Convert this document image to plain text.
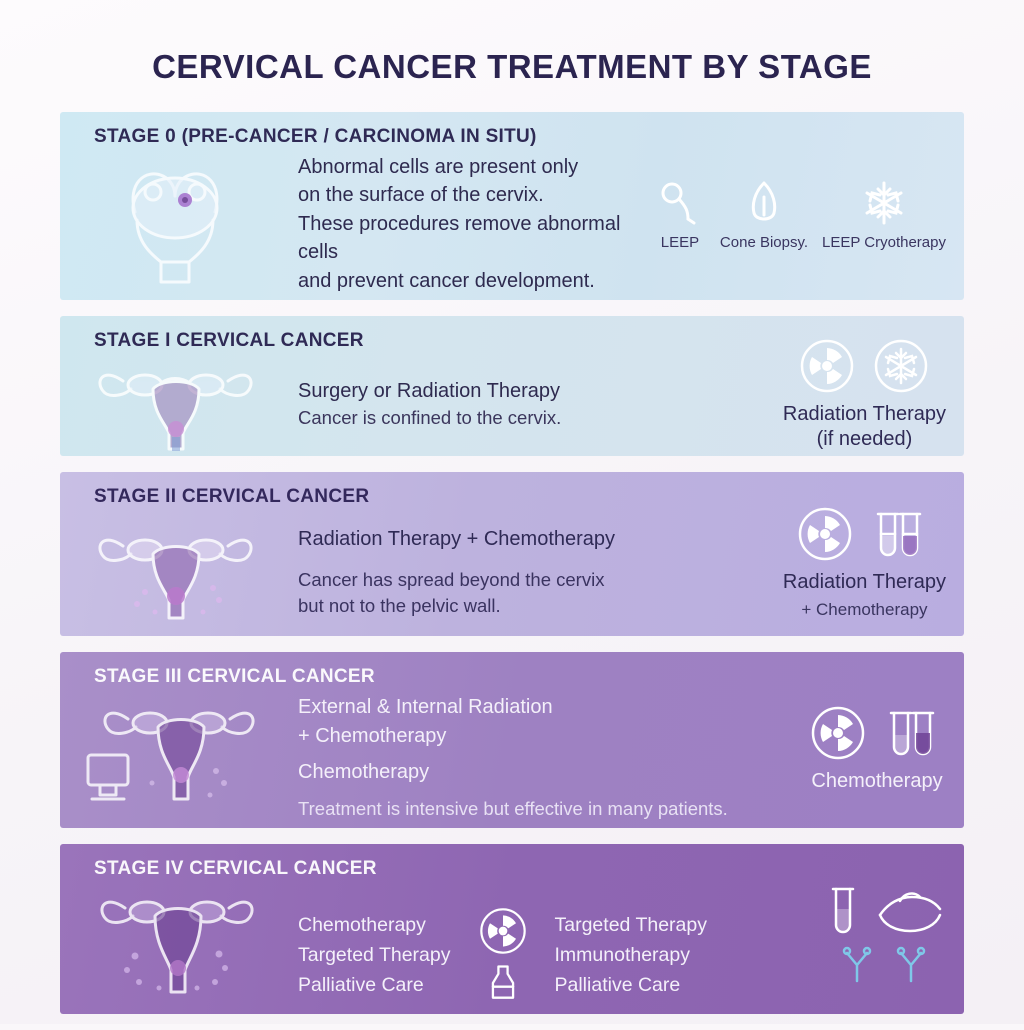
CERVICAL CANCER TREATMENT BY STAGE
STAGE 0 (PRE-CANCER / CARCINOMA IN SITU)
Abnormal cells are present only
on the surface of the cervix.
These procedures remove abnormal cells
and prevent cancer development.
LEEP Cone Biopsy. LEEP Cryotherapy
STAGE I CERVICAL CANCER
Surgery or Radiation Therapy
Cancer is confined to the cervix.	Radiation Therapy
(if needed)
STAGE II CERVICAL CANCER
Radiation Therapy + Chemotherapy
Cancer has spread beyond the cervix
but not to the pelvic wall.
Radiation Therapy
+ Chemotherapy
STAGE III CERVICAL CANCER
External & Internal Radiation
+ Chemotherapy
Chemotherapy
Treatment is intensive but effective in many patients.
Chemotherapy
STAGE IV CERVICAL CANCER
Chemotherapy
Targeted Therapy
Palliative Care
Targeted Therapy
Immunotherapy
Palliative Care
